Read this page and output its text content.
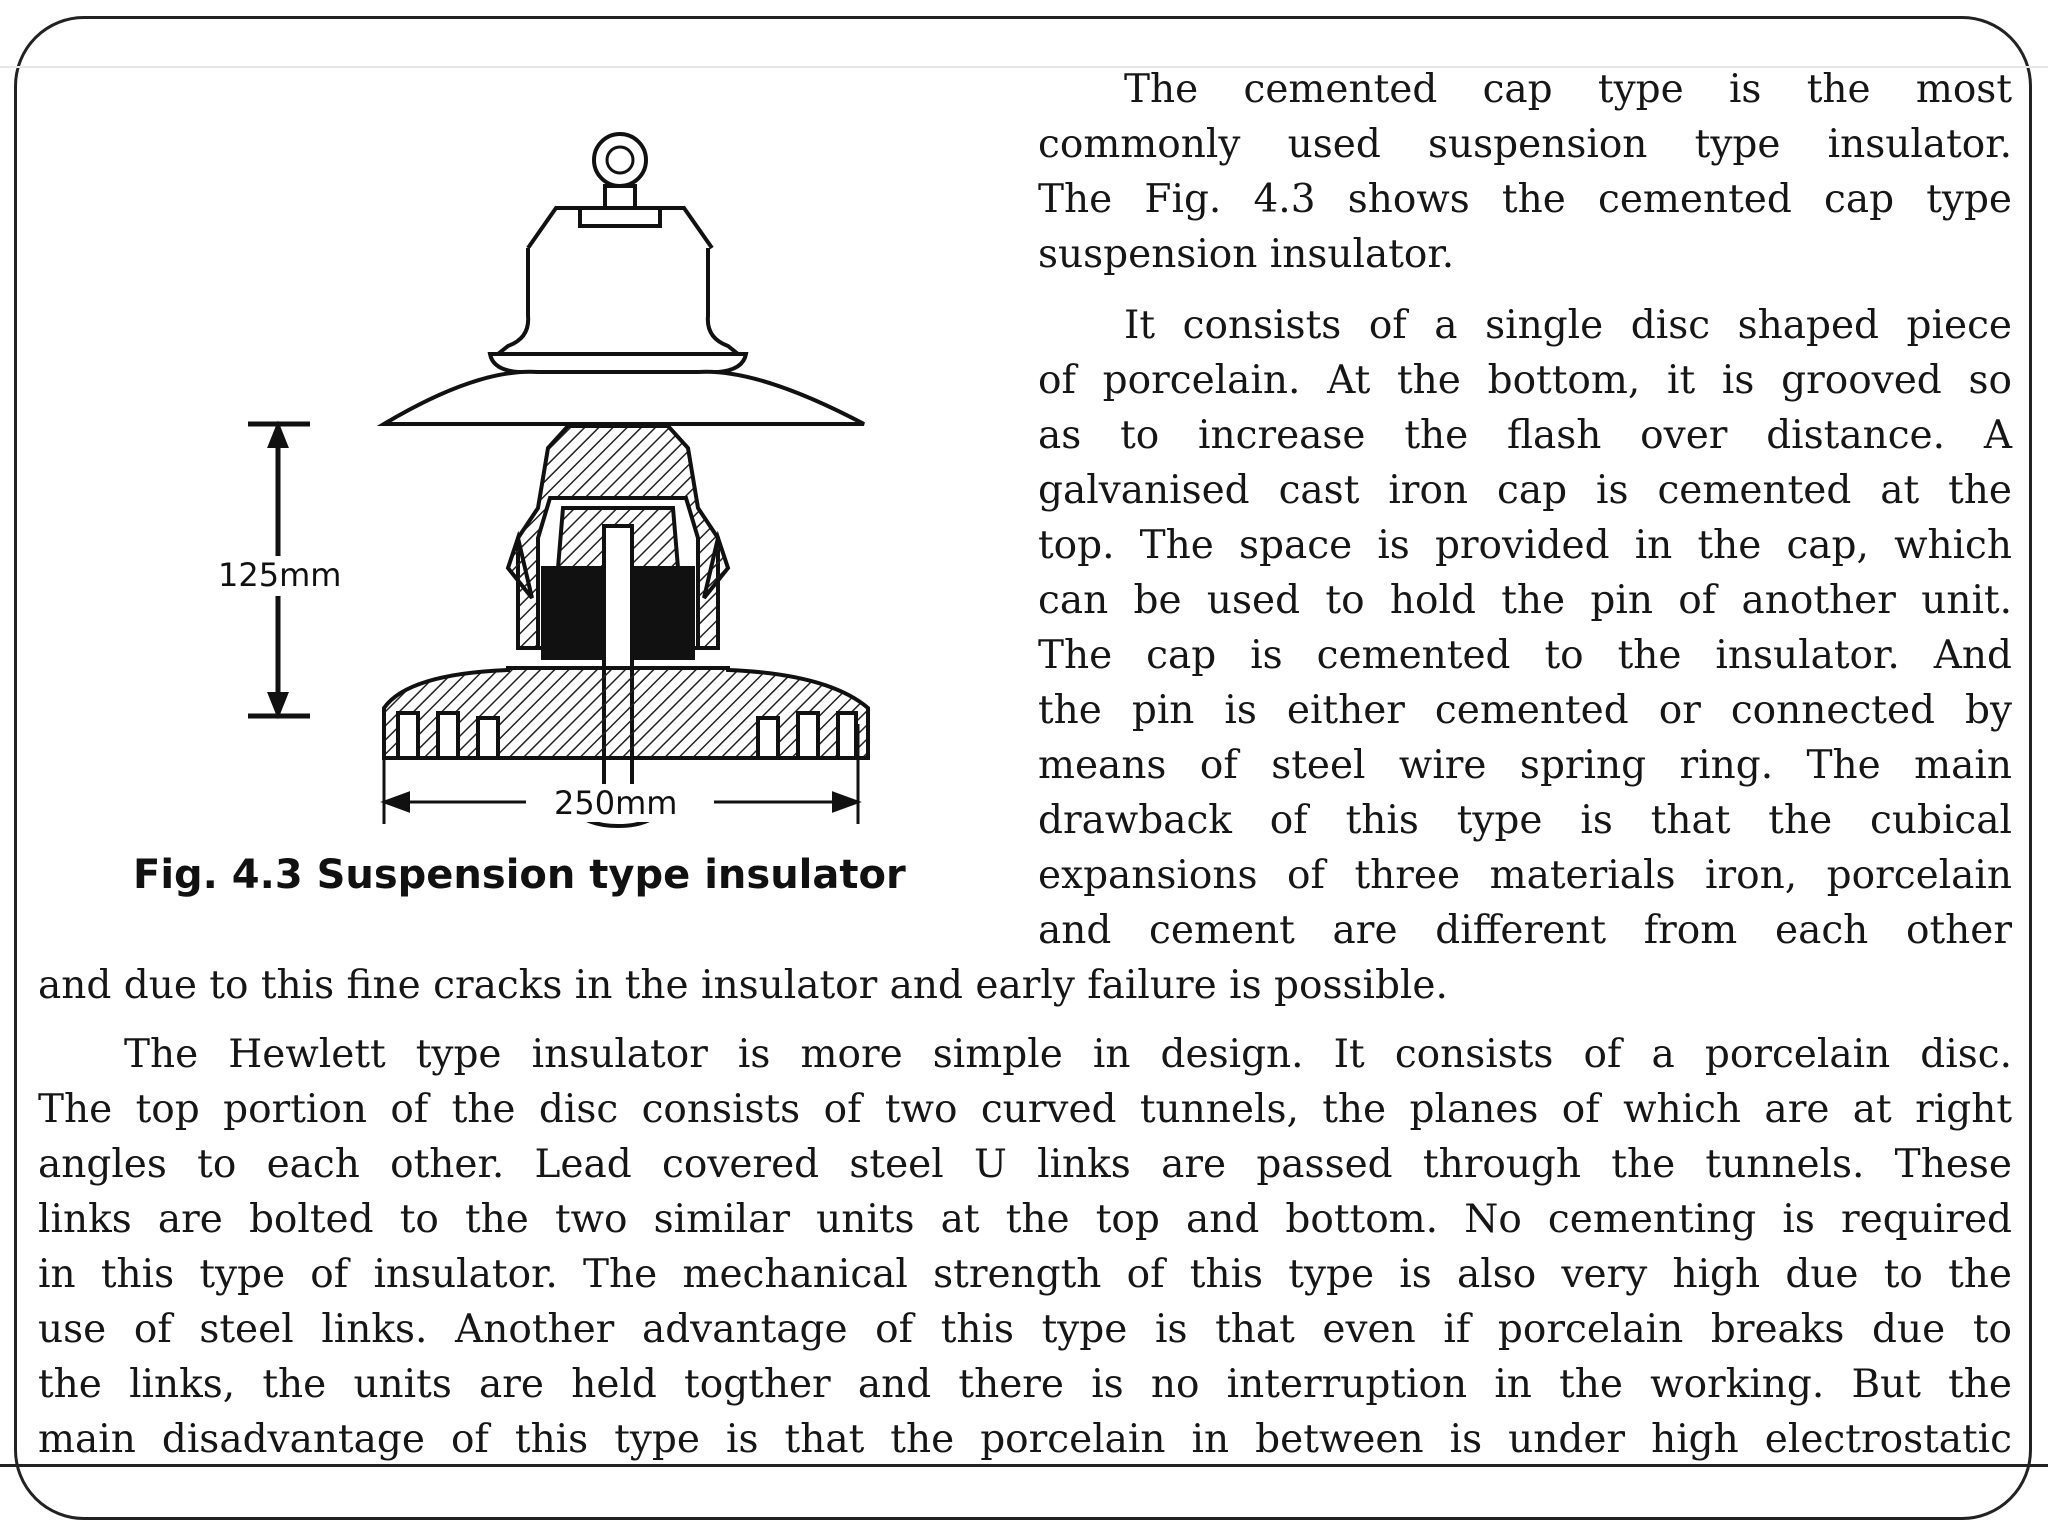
125mm
250mm
Fig. 4.3 Suspension type insulator
The cemented cap type is the most
commonly used suspension type insulator.
The Fig. 4.3 shows the cemented cap type
suspension insulator.
It consists of a single disc shaped piece
of porcelain. At the bottom, it is grooved so
as to increase the flash over distance. A
galvanised cast iron cap is cemented at the
top. The space is provided in the cap, which
can be used to hold the pin of another unit.
The cap is cemented to the insulator. And
the pin is either cemented or connected by
means of steel wire spring ring. The main
drawback of this type is that the cubical
expansions of three materials iron, porcelain
and cement are different from each other
and due to this fine cracks in the insulator and early failure is possible.
The Hewlett type insulator is more simple in design. It consists of a porcelain disc.
The top portion of the disc consists of two curved tunnels, the planes of which are at right
angles to each other. Lead covered steel U links are passed through the tunnels. These
links are bolted to the two similar units at the top and bottom. No cementing is required
in this type of insulator. The mechanical strength of this type is also very high due to the
use of steel links. Another advantage of this type is that even if porcelain breaks due to
the links, the units are held togther and there is no interruption in the working. But the
main disadvantage of this type is that the porcelain in between is under high electrostatic
